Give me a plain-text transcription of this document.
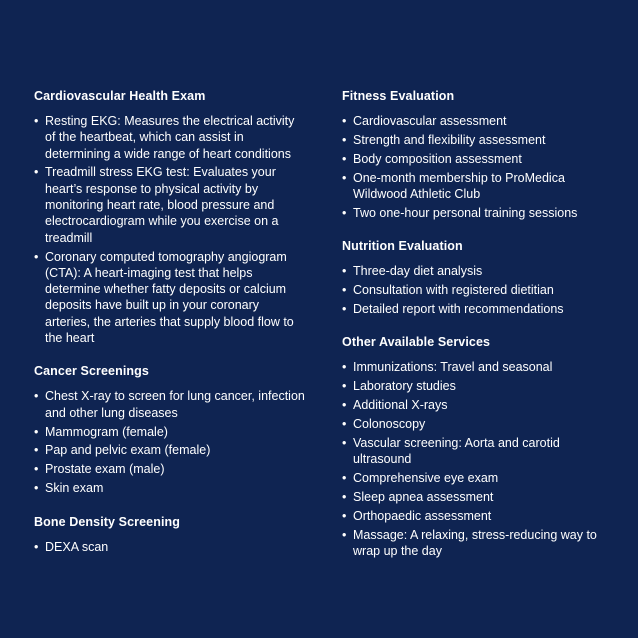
Cardiovascular Health Exam
• Resting EKG: Measures the electrical activity of the heartbeat, which can assist in determining a wide range of heart conditions
• Treadmill stress EKG test: Evaluates your heart’s response to physical activity by monitoring heart rate, blood pressure and electrocardiogram while you exercise on a treadmill
• Coronary computed tomography angiogram (CTA): A heart-imaging test that helps determine whether fatty deposits or calcium deposits have built up in your coronary arteries, the arteries that supply blood flow to the heart
Cancer Screenings
• Chest X-ray to screen for lung cancer, infection and other lung diseases
• Mammogram (female)
• Pap and pelvic exam (female)
• Prostate exam (male)
• Skin exam
Bone Density Screening
• DEXA scan
Fitness Evaluation
• Cardiovascular assessment
• Strength and flexibility assessment
• Body composition assessment
• One-month membership to ProMedica Wildwood Athletic Club
• Two one-hour personal training sessions
Nutrition Evaluation
• Three-day diet analysis
• Consultation with registered dietitian
• Detailed report with recommendations
Other Available Services
• Immunizations: Travel and seasonal
• Laboratory studies
• Additional X-rays
• Colonoscopy
• Vascular screening: Aorta and carotid ultrasound
• Comprehensive eye exam
• Sleep apnea assessment
• Orthopaedic assessment
• Massage: A relaxing, stress-reducing way to wrap up the day
